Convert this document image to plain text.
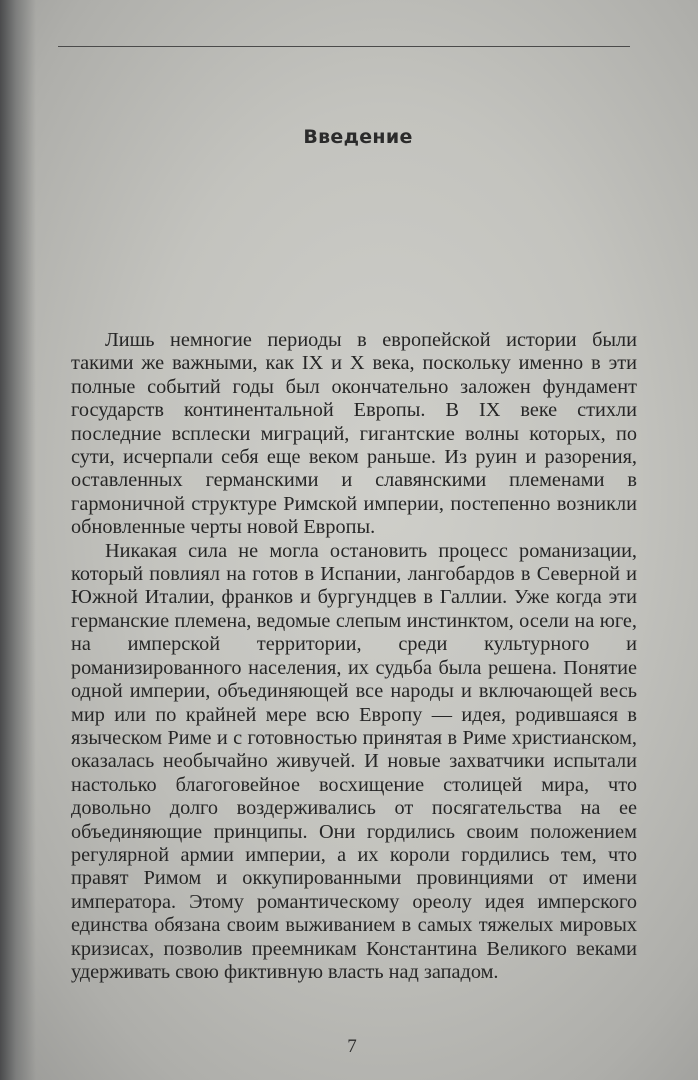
Введение

Лишь немногие периоды в европейской истории были такими же важными, как IX и X века, поскольку именно в эти полные событий годы был окончательно заложен фундамент государств континентальной Европы. В IX веке стихли последние всплески миграций, гигантские волны которых, по сути, исчерпали себя еще веком раньше. Из руин и разорения, оставленных германскими и славянскими племенами в гармоничной структуре Римской империи, постепенно возникли обновленные черты новой Европы.

Никакая сила не могла остановить процесс романизации, который повлиял на готов в Испании, лангобардов в Северной и Южной Италии, франков и бургундцев в Галлии. Уже когда эти германские племена, ведомые слепым инстинктом, осели на юге, на имперской территории, среди культурного и романизированного населения, их судьба была решена. Понятие одной империи, объединяющей все народы и включающей весь мир или по крайней мере всю Европу — идея, родившаяся в языческом Риме и с готовностью принятая в Риме христианском, оказалась необычайно живучей. И новые захватчики испытали настолько благоговейное восхищение столицей мира, что довольно долго воздерживались от посягательства на ее объединяющие принципы. Они гордились своим положением регулярной армии империи, а их короли гордились тем, что правят Римом и оккупированными провинциями от имени императора. Этому романтическому ореолу идея имперского единства обязана своим выживанием в самых тяжелых мировых кризисах, позволив преемникам Константина Великого веками удерживать свою фиктивную власть над западом.

7
